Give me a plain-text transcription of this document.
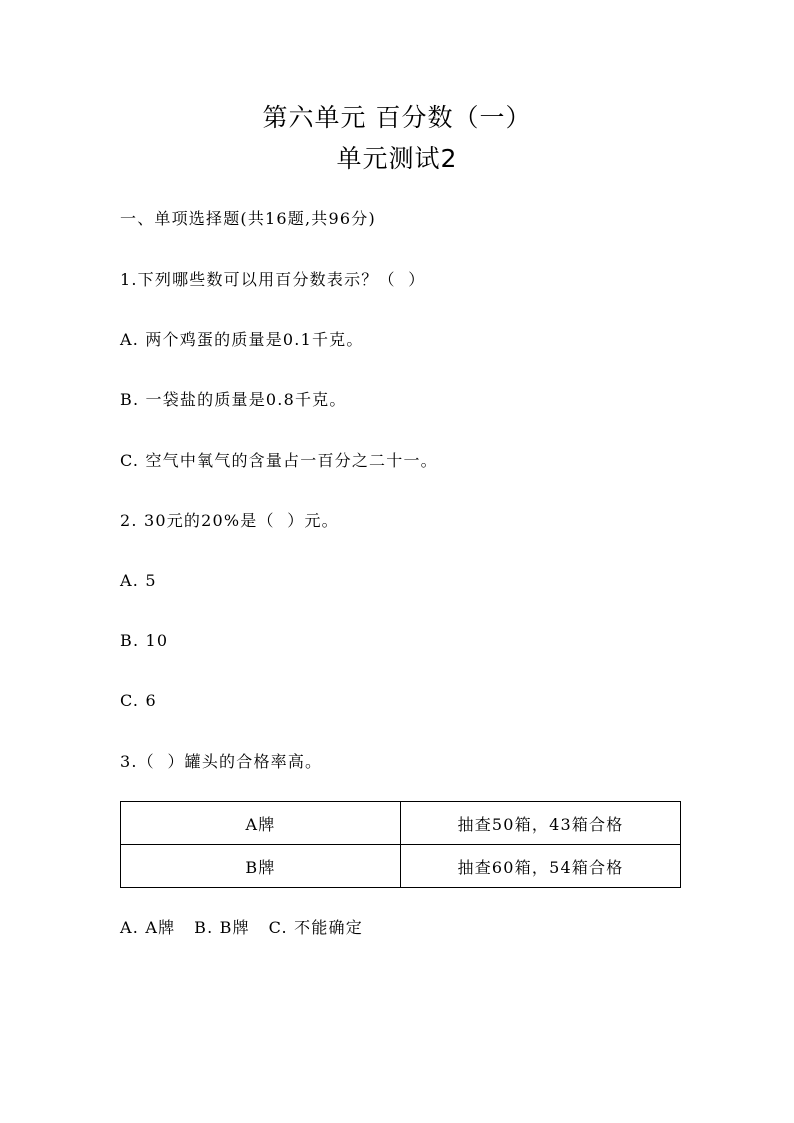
第六单元 百分数（一）
单元测试2
一、单项选择题(共16题,共96分)
1.下列哪些数可以用百分数表示？（  ）
A. 两个鸡蛋的质量是0.1千克。
B. 一袋盐的质量是0.8千克。
C. 空气中氧气的含量占一百分之二十一。
2. 30元的20%是（  ）元。
A. 5
B. 10
C. 6
3.（  ）罐头的合格率高。
A牌	抽查50箱，43箱合格
B牌	抽查60箱，54箱合格
A. A牌   B. B牌   C. 不能确定
